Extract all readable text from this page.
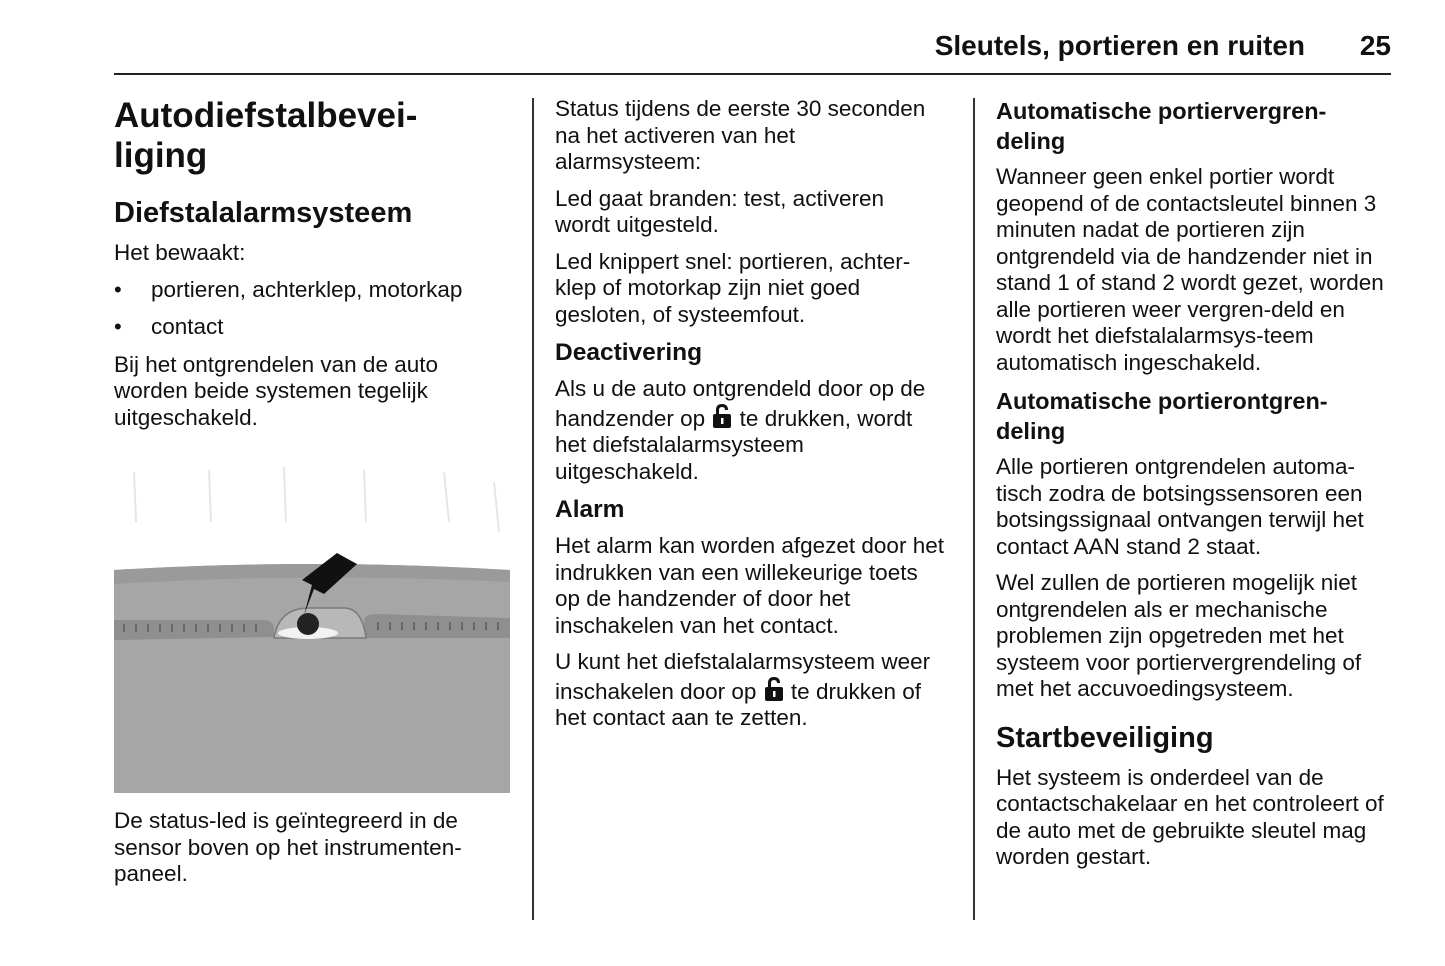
Sleutels, portieren en ruiten 25
Autodiefstalbevei-
liging
Diefstalalarmsysteem

Het bewaakt:

• portieren, achterklep, motorkap
• contact

Bij het ontgrendelen van de auto worden beide systemen tegelijk uitgeschakeld.

De status-led is geïntegreerd in de sensor boven op het instrumenten-paneel.

Status tijdens de eerste 30 seconden na het activeren van het alarmsysteem:

Led gaat branden: test, activeren wordt uitgesteld.

Led knippert snel: portieren, achter-klep of motorkap zijn niet goed gesloten, of systeemfout.

Deactivering

Als u de auto ontgrendeld door op de handzender op te drukken, wordt het diefstalalarmsysteem uitgeschakeld.

Alarm

Het alarm kan worden afgezet door het indrukken van een willekeurige toets op de handzender of door het inschakelen van het contact.

U kunt het diefstalalarmsysteem weer inschakelen door op te drukken of het contact aan te zetten.

Automatische portiervergren-deling

Wanneer geen enkel portier wordt geopend of de contactsleutel binnen 3 minuten nadat de portieren zijn ontgrendeld via de handzender niet in stand 1 of stand 2 wordt gezet, worden alle portieren weer vergren-deld en wordt het diefstalalarmsys-teem automatisch ingeschakeld.

Automatische portierontgren-deling

Alle portieren ontgrendelen automa-tisch zodra de botsingssensoren een botsingssignaal ontvangen terwijl het contact AAN stand 2 staat.

Wel zullen de portieren mogelijk niet ontgrendelen als er mechanische problemen zijn opgetreden met het systeem voor portiervergrendeling of met het accuvoedingsysteem.

Startbeveiliging

Het systeem is onderdeel van de contactschakelaar en het controleert of de auto met de gebruikte sleutel mag worden gestart.
